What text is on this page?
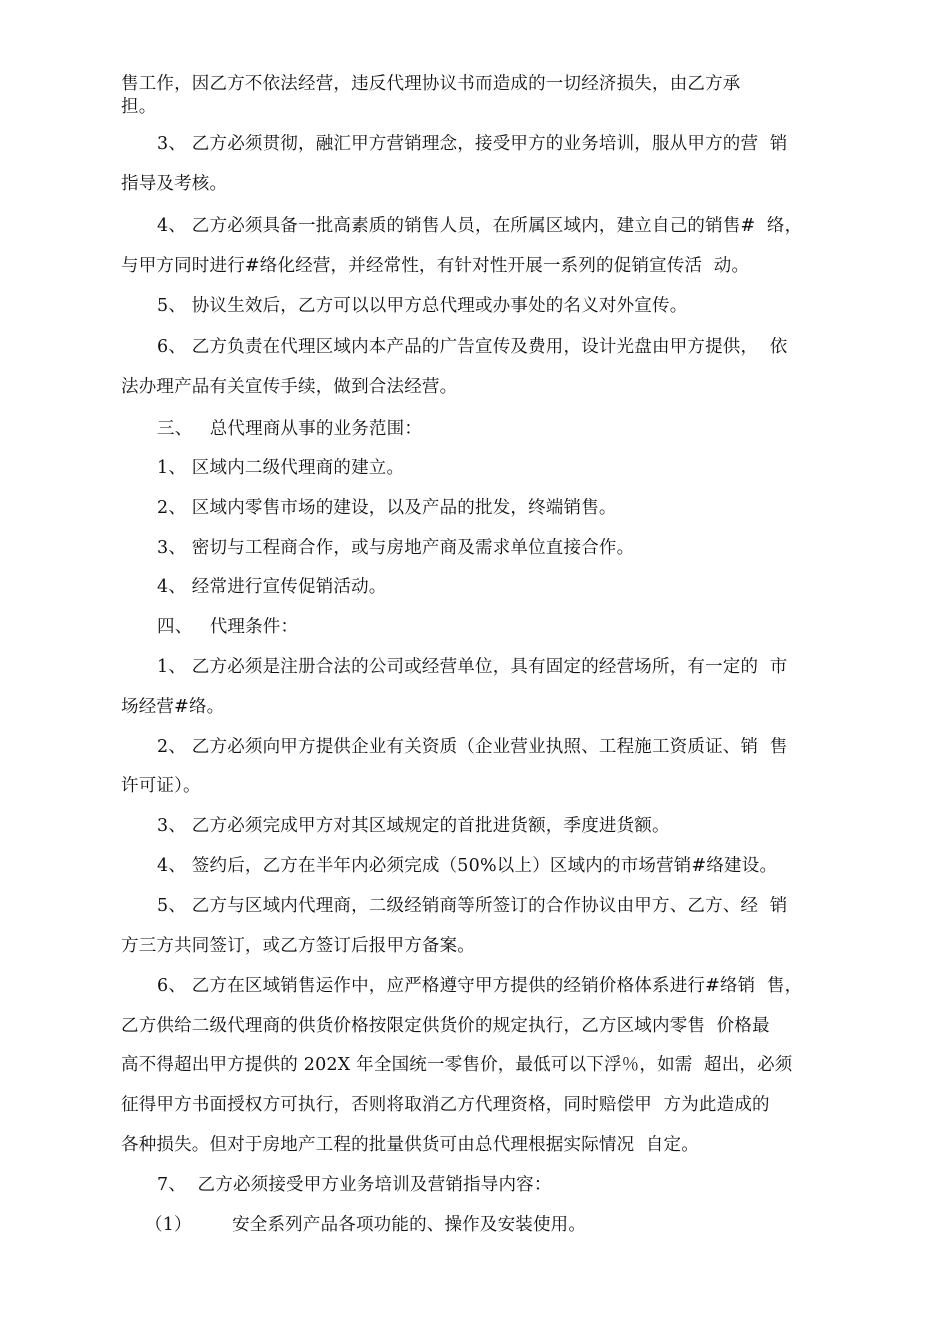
售工作，因乙方不依法经营，违反代理协议书而造成的一切经济损失，由乙方承
担。
3、 乙方必须贯彻，融汇甲方营销理念，接受甲方的业务培训，服从甲方的营  销
指导及考核。
4、 乙方必须具备一批高素质的销售人员，在所属区域内，建立自己的销售#  络，
与甲方同时进行#络化经营，并经常性，有针对性开展一系列的促销宣传活  动。
5、 协议生效后，乙方可以以甲方总代理或办事处的名义对外宣传。
6、 乙方负责在代理区域内本产品的广告宣传及费用，设计光盘由甲方提供，  依
法办理产品有关宣传手续，做到合法经营。
三、   总代理商从事的业务范围：
1、 区域内二级代理商的建立。
2、 区域内零售市场的建设，以及产品的批发，终端销售。
3、 密切与工程商合作，或与房地产商及需求单位直接合作。
4、 经常进行宣传促销活动。
四、   代理条件：
1、 乙方必须是注册合法的公司或经营单位，具有固定的经营场所，有一定的  市
场经营#络。
2、 乙方必须向甲方提供企业有关资质（企业营业执照、工程施工资质证、销  售
许可证）。
3、 乙方必须完成甲方对其区域规定的首批进货额，季度进货额。
4、 签约后，乙方在半年内必须完成（50%以上）区域内的市场营销#络建设。
5、 乙方与区域内代理商，二级经销商等所签订的合作协议由甲方、乙方、经  销
方三方共同签订，或乙方签订后报甲方备案。
6、 乙方在区域销售运作中，应严格遵守甲方提供的经销价格体系进行#络销  售，
乙方供给二级代理商的供货价格按限定供货价的规定执行，乙方区域内零售  价格最
高不得超出甲方提供的 202X 年全国统一零售价，最低可以下浮％，如需  超出，必须
征得甲方书面授权方可执行，否则将取消乙方代理资格，同时赔偿甲  方为此造成的
各种损失。但对于房地产工程的批量供货可由总代理根据实际情况  自定。
7、  乙方必须接受甲方业务培训及营销指导内容：
（1）       安全系列产品各项功能的、操作及安装使用。
